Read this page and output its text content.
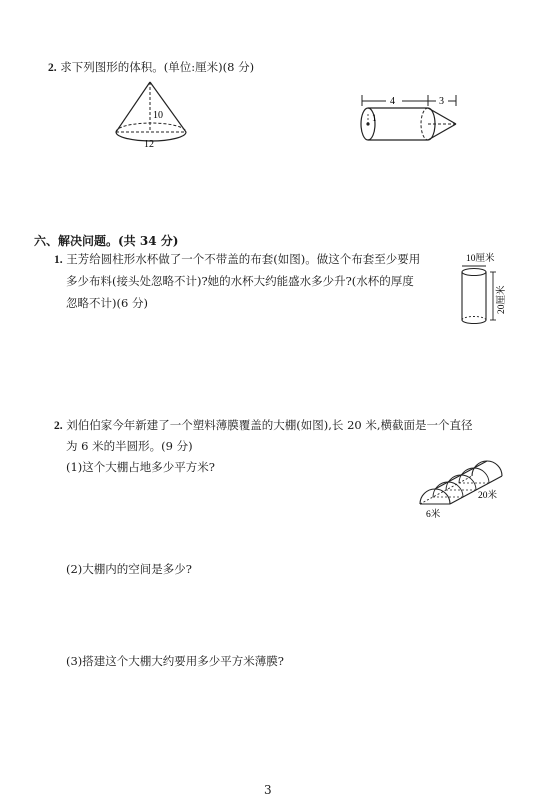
2. 求下列图形的体积。(单位:厘米)(8 分)
10
12
4	3
1
六、解决问题。(共 34 分)
1. 王芳给圆柱形水杯做了一个不带盖的布套(如图)。做这个布套至少要用
多少布料(接头处忽略不计)?她的水杯大约能盛水多少升?(水杯的厚度
忽略不计)(6 分)
10厘米
20厘米
2. 刘伯伯家今年新建了一个塑料薄膜覆盖的大棚(如图),长 20 米,横截面是一个直径
为 6 米的半圆形。(9 分)
(1)这个大棚占地多少平方米?
20米
6米
(2)大棚内的空间是多少?
(3)搭建这个大棚大约要用多少平方米薄膜?
3
